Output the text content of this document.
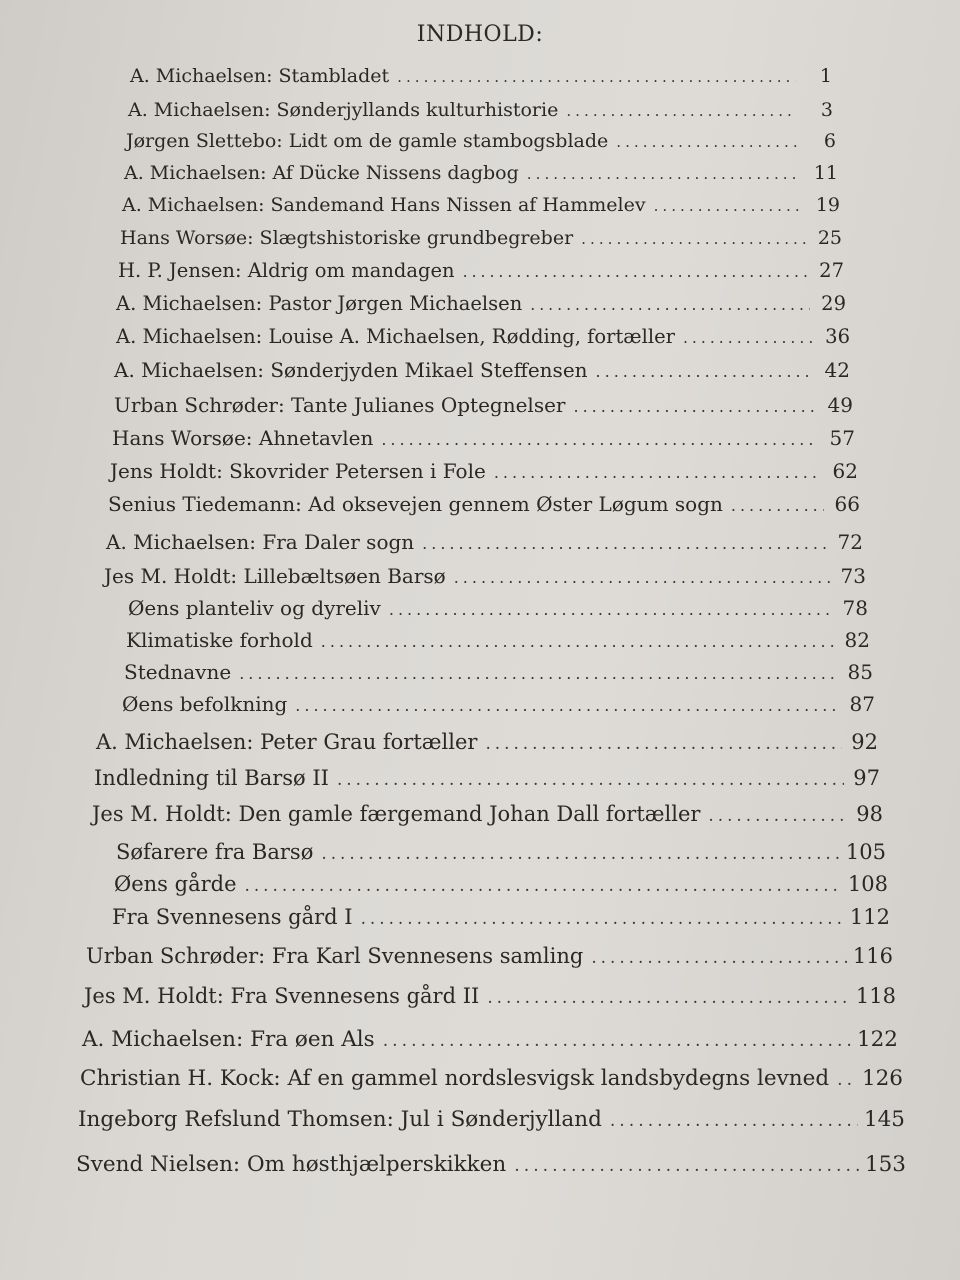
INDHOLD:
A. Michaelsen: Stambladet .....	1
A. Michaelsen: Sønderjyllands kulturhistorie .....	3
Jørgen Slettebo: Lidt om de gamle stambogsblade .....	6
A. Michaelsen: Af Dücke Nissens dagbog .....	11
A. Michaelsen: Sandemand Hans Nissen af Hammelev .....	19
Hans Worsøe: Slægtshistoriske grundbegreber .....	25
H. P. Jensen: Aldrig om mandagen .....	27
A. Michaelsen: Pastor Jørgen Michaelsen .....	29
A. Michaelsen: Louise A. Michaelsen, Rødding, fortæller .....	36
A. Michaelsen: Sønderjyden Mikael Steffensen .....	42
Urban Schrøder: Tante Julianes Optegnelser .....	49
Hans Worsøe: Ahnetavlen .....	57
Jens Holdt: Skovrider Petersen i Fole .....	62
Senius Tiedemann: Ad oksevejen gennem Øster Løgum sogn .....	66
A. Michaelsen: Fra Daler sogn .....	72
Jes M. Holdt: Lillebæltsøen Barsø .....	73
Øens planteliv og dyreliv .....	78
Klimatiske forhold .....	82
Stednavne .....	85
Øens befolkning .....	87
A. Michaelsen: Peter Grau fortæller .....	92
Indledning til Barsø II .....	97
Jes M. Holdt: Den gamle færgemand Johan Dall fortæller .....	98
Søfarere fra Barsø .....	105
Øens gårde .....	108
Fra Svennesens gård I .....	112
Urban Schrøder: Fra Karl Svennesens samling .....	116
Jes M. Holdt: Fra Svennesens gård II .....	118
A. Michaelsen: Fra øen Als .....	122
Christian H. Kock: Af en gammel nordslesvigsk landsbydegns levned ..... 126
Ingeborg Refslund Thomsen: Jul i Sønderjylland .....	145
Svend Nielsen: Om høsthjælperskikken .....	153
